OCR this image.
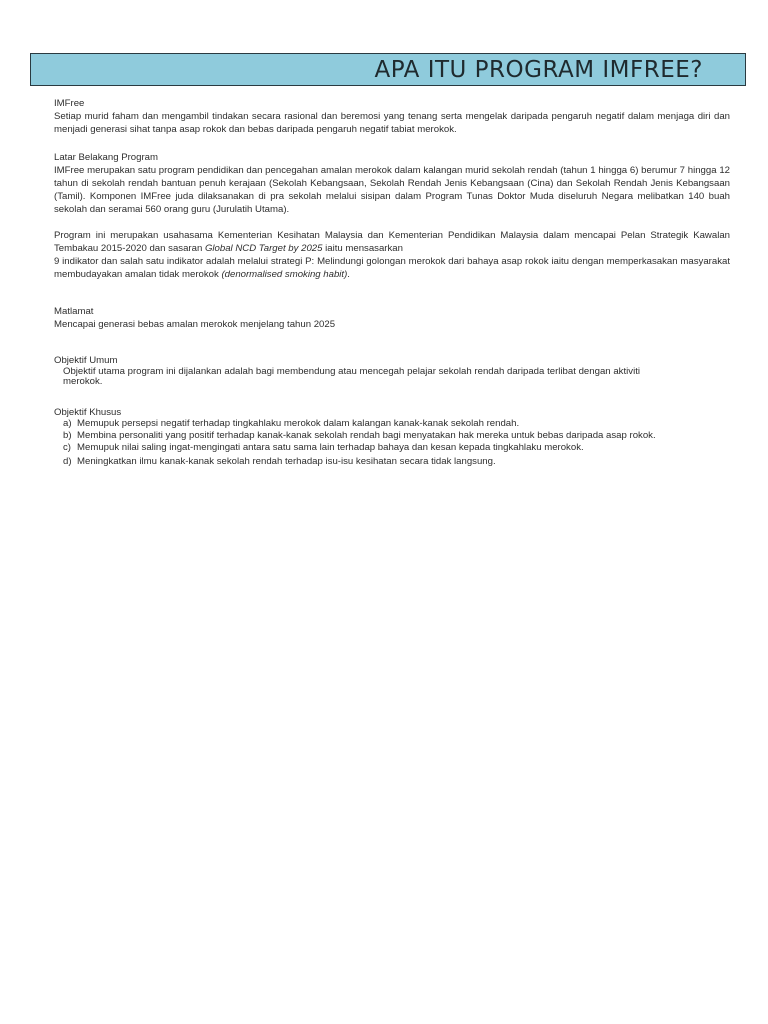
APA ITU PROGRAM IMFREE?
IMFree

Setiap murid faham dan mengambil tindakan secara rasional dan beremosi yang tenang serta mengelak daripada pengaruh negatif dalam menjaga diri dan menjadi generasi sihat tanpa asap rokok dan bebas daripada pengaruh negatif tabiat merokok.

Latar Belakang Program

IMFree merupakan satu program pendidikan dan pencegahan amalan merokok dalam kalangan murid sekolah rendah (tahun 1 hingga 6) berumur 7 hingga 12 tahun di sekolah rendah bantuan penuh kerajaan (Sekolah Kebangsaan, Sekolah Rendah Jenis Kebangsaan (Cina) dan Sekolah Rendah Jenis Kebangsaan (Tamil). Komponen IMFree juda dilaksanakan di pra sekolah melalui sisipan dalam Program Tunas Doktor Muda diseluruh Negara melibatkan 140 buah sekolah dan seramai 560 orang guru (Jurulatih Utama).

Program ini merupakan usahasama Kementerian Kesihatan Malaysia dan Kementerian Pendidikan Malaysia dalam mencapai Pelan Strategik Kawalan Tembakau 2015-2020 dan sasaran Global NCD Target by 2025 iaitu mensasarkan

9 indikator dan salah satu indikator adalah melalui strategi P: Melindungi golongan merokok dari bahaya asap rokok iaitu dengan memperkasakan masyarakat membudayakan amalan tidak merokok (denormalised smoking habit).

Matlamat

Mencapai generasi bebas amalan merokok menjelang tahun 2025

Objektif Umum

Objektif utama program ini dijalankan adalah bagi membendung atau mencegah pelajar sekolah rendah daripada terlibat dengan aktiviti merokok.

Objektif Khusus
a) Memupuk persepsi negatif terhadap tingkahlaku merokok dalam kalangan kanak-kanak sekolah rendah.
b) Membina personaliti yang positif terhadap kanak-kanak sekolah rendah bagi menyatakan hak mereka untuk bebas daripada asap rokok.
c) Memupuk nilai saling ingat-mengingati antara satu sama lain terhadap bahaya dan kesan kepada tingkahlaku merokok.
d) Meningkatkan ilmu kanak-kanak sekolah rendah terhadap isu-isu kesihatan secara tidak langsung.
